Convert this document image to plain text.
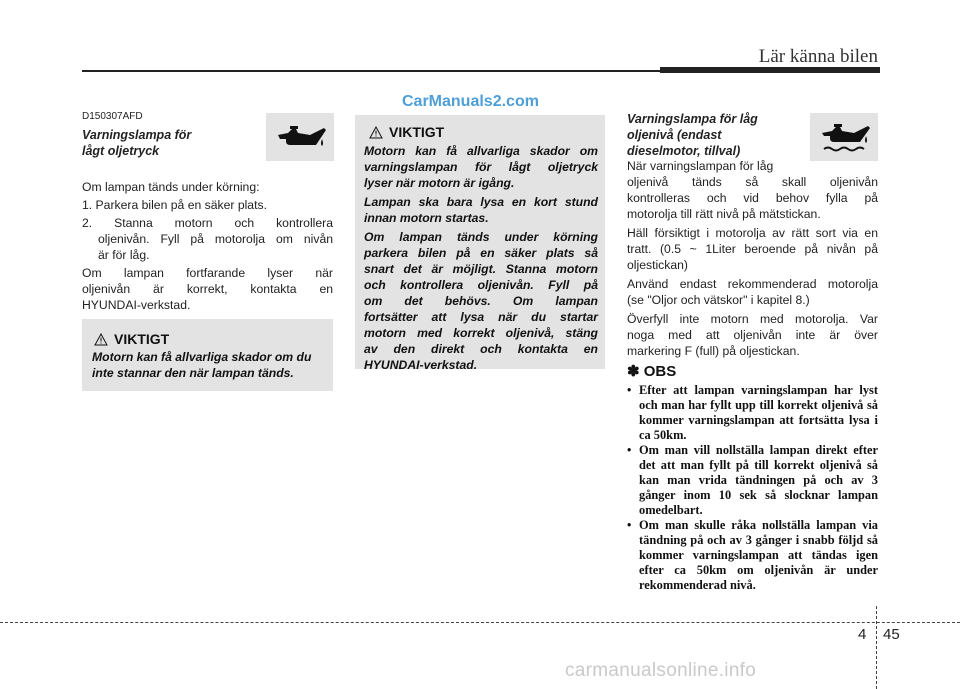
Lär känna bilen
CarManuals2.com
D150307AFD
Varningslampa för
lågt oljetryck
Om lampan tänds under körning:
1. Parkera bilen på en säker plats.
2. Stanna motorn och kontrollera
oljenivån. Fyll på motorolja om nivån
är för låg.
Om lampan fortfarande lyser när
oljenivån är korrekt, kontakta en
HYUNDAI-verkstad.
VIKTIGT
Motorn kan få allvarliga skador om du
inte stannar den när lampan tänds.
VIKTIGT
Motorn kan få allvarliga skador om
varningslampan för lågt oljetryck
lyser när motorn är igång.
Lampan ska bara lysa en kort stund
innan motorn startas.
Om lampan tänds under körning
parkera bilen på en säker plats så
snart det är möjligt. Stanna motorn
och kontrollera oljenivån. Fyll på
om det behövs. Om lampan
fortsätter att lysa när du startar
motorn med korrekt oljenivå, stäng
av den direkt och kontakta en
HYUNDAI-verkstad.
Varningslampa för låg
oljenivå (endast
dieselmotor, tillval)
När varningslampan för låg
oljenivå tänds så skall oljenivån
kontrolleras och vid behov fylla på
motorolja till rätt nivå på mätstickan.
Häll försiktigt i motorolja av rätt sort via en
tratt. (0.5 ~ 1Liter beroende på nivån på
oljestickan)
Använd endast rekommenderad motorolja
(se "Oljor och vätskor" i kapitel 8.)
Överfyll inte motorn med motorolja. Var
noga med att oljenivån inte är över
markering F (full) på oljestickan.
✽ OBS
• Efter att lampan varningslampan har lyst och man har fyllt upp till korrekt oljenivå så kommer varningslampan att fortsätta lysa i ca 50km.
• Om man vill nollställa lampan direkt efter det att man fyllt på till korrekt oljenivå så kan man vrida tändningen på och av 3 gånger inom 10 sek så slocknar lampan omedelbart.
• Om man skulle råka nollställa lampan via tändning på och av 3 gånger i snabb följd så kommer varningslampan att tändas igen efter ca 50km om oljenivån är under rekommenderad nivå.
4 45
carmanualsonline.info
